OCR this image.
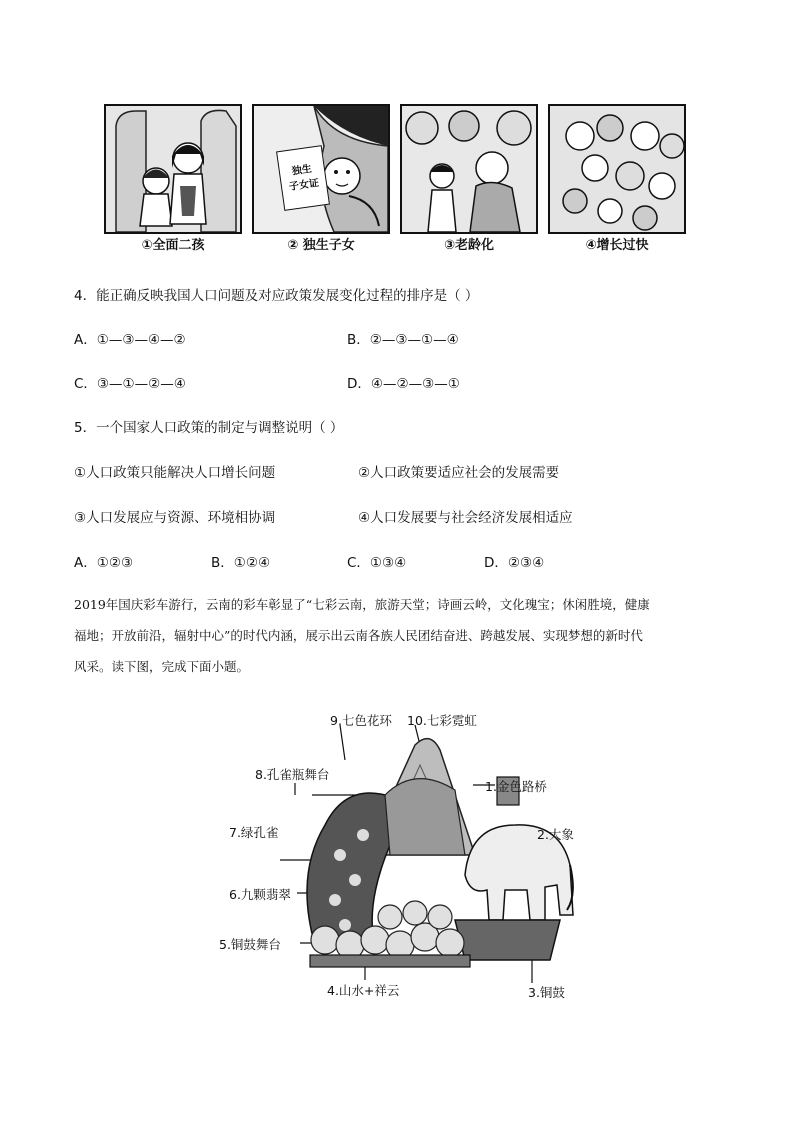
①全面二孩
独生
子女证
② 独生子女	③老龄化	④增长过快
4．能正确反映我国人口问题及对应政策发展变化过程的排序是（ ）
A．①—③—④—②	B．②—③—①—④
C．③—①—②—④	D．④—②—③—①
5．一个国家人口政策的制定与调整说明（ ）
①人口政策只能解决人口增长问题	②人口政策要适应社会的发展需要
③人口发展应与资源、环境相协调	④人口发展要与社会经济发展相适应
A．①②③	B．①②④	C．①③④	D．②③④
2019年国庆彩车游行，云南的彩车彰显了“七彩云南，旅游天堂；诗画云岭，文化瑰宝；休闲胜境，健康
福地；开放前沿，辐射中心”的时代内涵，展示出云南各族人民团结奋进、跨越发展、实现梦想的新时代
风采。读下图，完成下面小题。
9.七色花环 10.七彩霓虹
8.孔雀瓶舞台
1.金色路桥
7.绿孔雀	2.大象
6.九颗翡翠
5.铜鼓舞台
4.山水+祥云	3.铜鼓
